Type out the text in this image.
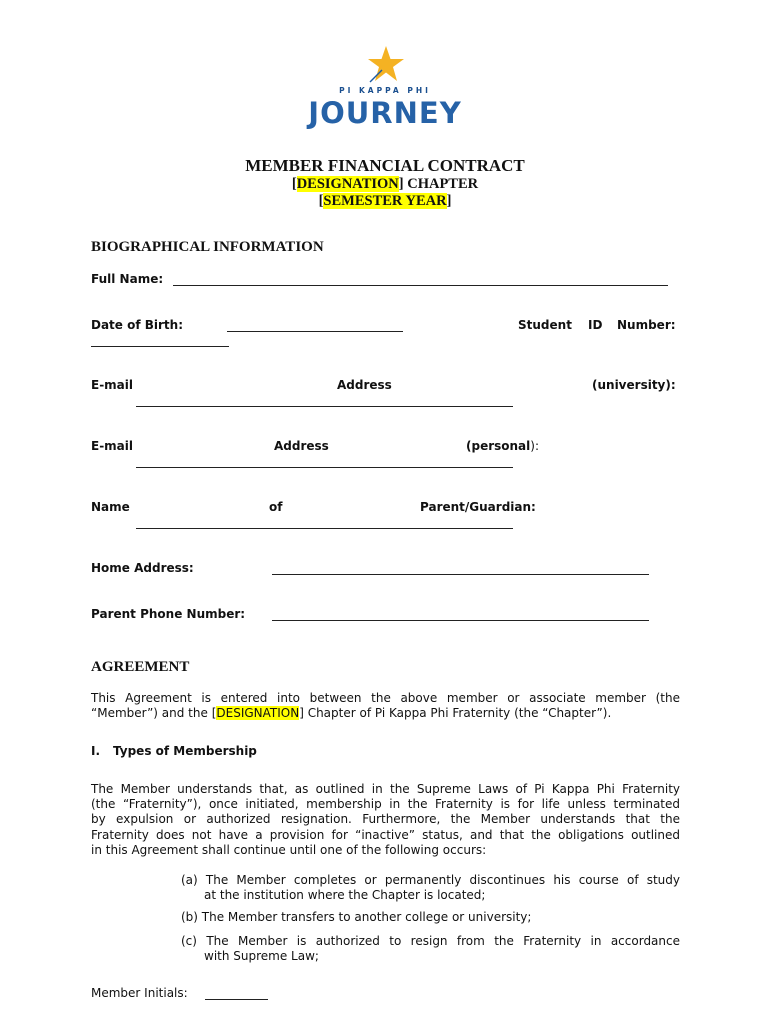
PI KAPPA PHI
JOURNEY
MEMBER FINANCIAL CONTRACT
[DESIGNATION] CHAPTER
[SEMESTER YEAR]
BIOGRAPHICAL INFORMATION
Full Name:
Date of Birth:	Student ID Number:
E-mail	Address	(university):
E-mail	Address	(personal):
Name	of	Parent/Guardian:
Home Address:
Parent Phone Number:
AGREEMENT
This Agreement is entered into between the above member or associate member (the
“Member”) and the [DESIGNATION] Chapter of Pi Kappa Phi Fraternity (the “Chapter”).
I. Types of Membership
The Member understands that, as outlined in the Supreme Laws of Pi Kappa Phi Fraternity
(the “Fraternity”), once initiated, membership in the Fraternity is for life unless terminated
by expulsion or authorized resignation. Furthermore, the Member understands that the
Fraternity does not have a provision for “inactive” status, and that the obligations outlined
in this Agreement shall continue until one of the following occurs:
(a) The Member completes or permanently discontinues his course of study
at the institution where the Chapter is located;
(b) The Member transfers to another college or university;
(c) The Member is authorized to resign from the Fraternity in accordance
with Supreme Law;
Member Initials:
